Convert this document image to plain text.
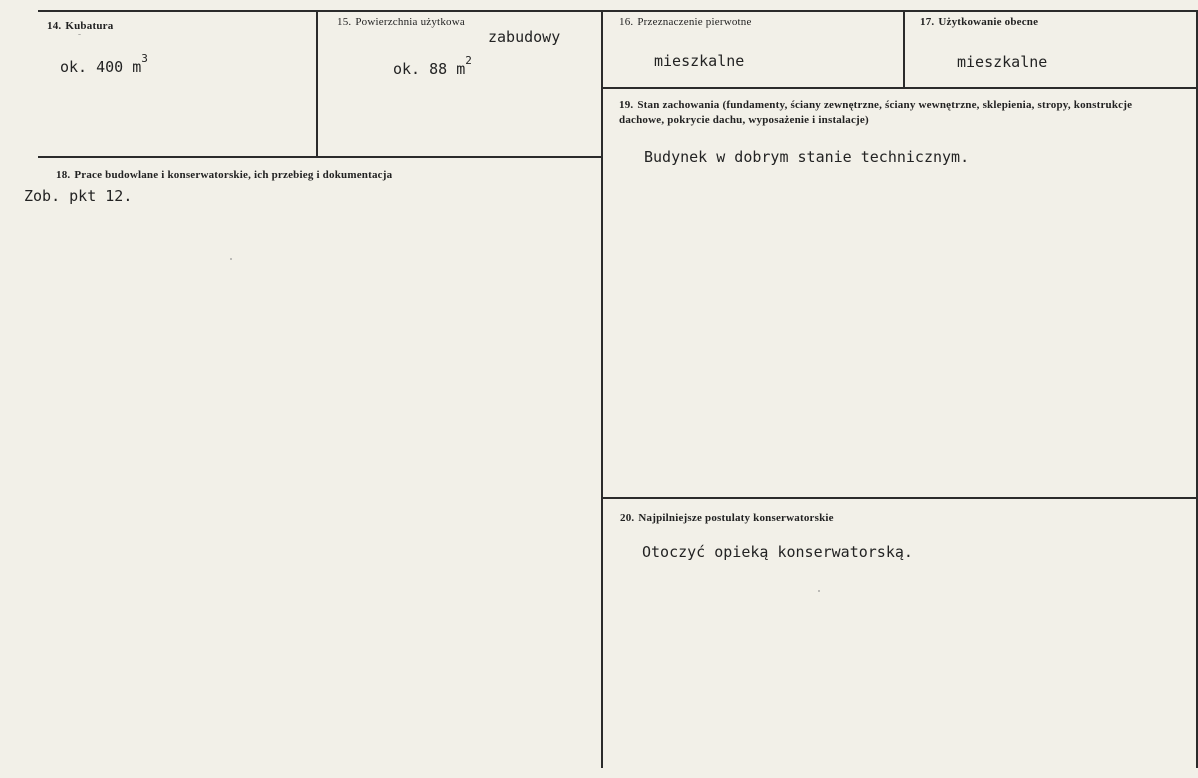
14. Kubatura
ok. 400 $m^3$
15. Powierzchnia użytkowa
zabudowy
ok. 88 $m^2$
16. Przeznaczenie pierwotne
mieszkalne
17. Użytkowanie obecne
mieszkalne
18. Prace budowlane i konserwatorskie, ich przebieg i dokumentacja
Zob. pkt 12.
19. Stan zachowania (fundamenty, ściany zewnętrzne, ściany wewnętrzne, sklepienia, stropy, konstrukcje dachowe, pokrycie dachu, wyposażenie i instalacje)
Budynek w dobrym stanie technicznym.
20. Najpilniejsze postulaty konserwatorskie
Otoczyć opieką konserwatorską.
